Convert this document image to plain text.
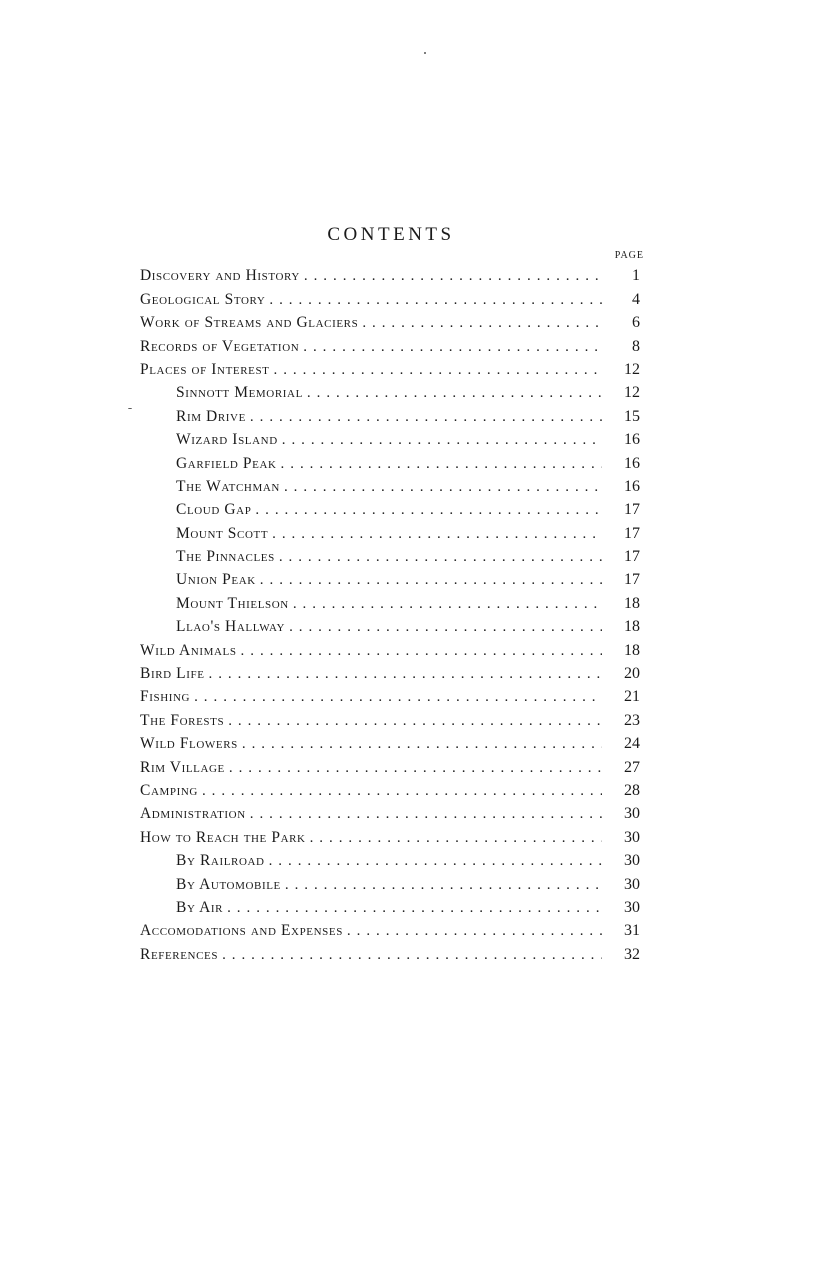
CONTENTS
PAGE
Discovery and History . . .	1
Geological Story . . .	4
Work of Streams and Glaciers . . .	6
Records of Vegetation . . .	8
Places of Interest . . .	12
Sinnott Memorial . . .	12
Rim Drive . . .	15
Wizard Island . . .	16
Garfield Peak . . .	16
The Watchman . . .	16
Cloud Gap . . .	17
Mount Scott . . .	17
The Pinnacles . . .	17
Union Peak . . .	17
Mount Thielson . . .	18
Llao's Hallway . . .	18
Wild Animals . . .	18
Bird Life . . .	20
Fishing . . .	21
The Forests . . .	23
Wild Flowers . . .	24
Rim Village . . .	27
Camping . . .	28
Administration . . .	30
How to Reach the Park . . .	30
By Railroad . . .	30
By Automobile . . .	30
By Air . . .	30
Accomodations and Expenses . . .	31
References . . .	32
